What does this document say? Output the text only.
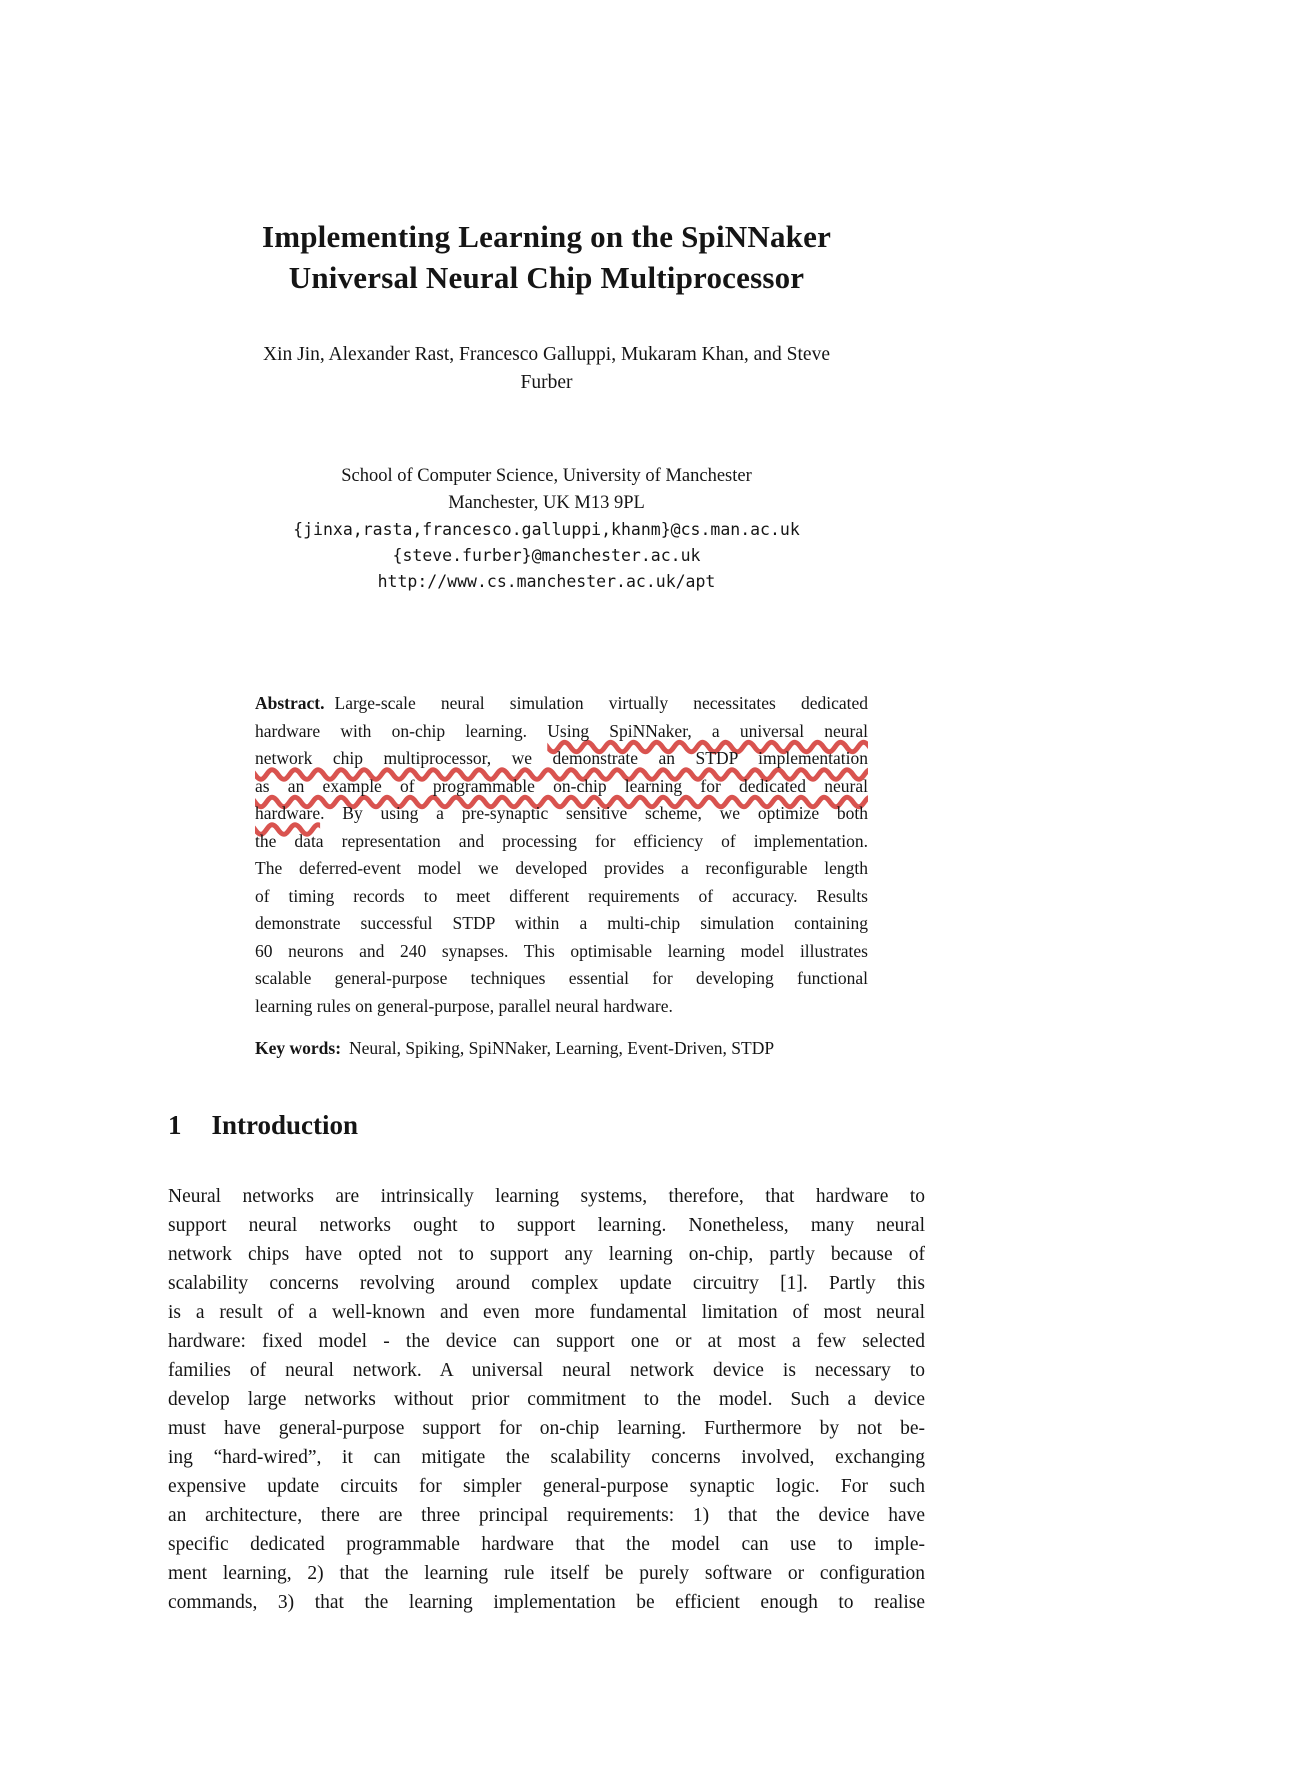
Implementing Learning on the SpiNNaker
Universal Neural Chip Multiprocessor
Xin Jin, Alexander Rast, Francesco Galluppi, Mukaram Khan, and Steve
Furber
School of Computer Science, University of Manchester
Manchester, UK M13 9PL
{jinxa,rasta,francesco.galluppi,khanm}@cs.man.ac.uk
{steve.furber}@manchester.ac.uk
http://www.cs.manchester.ac.uk/apt
Abstract. Large-scale neural simulation virtually necessitates dedicated
hardware with on-chip learning. Using SpiNNaker, a universal neural
network chip multiprocessor, we demonstrate an STDP implementation
as an example of programmable on-chip learning for dedicated neural
hardware. By using a pre-synaptic sensitive scheme, we optimize both
the data representation and processing for efficiency of implementation.
The deferred-event model we developed provides a reconfigurable length
of timing records to meet different requirements of accuracy. Results
demonstrate successful STDP within a multi-chip simulation containing
60 neurons and 240 synapses. This optimisable learning model illustrates
scalable general-purpose techniques essential for developing functional
learning rules on general-purpose, parallel neural hardware.
Key words: Neural, Spiking, SpiNNaker, Learning, Event-Driven, STDP
1 Introduction
Neural networks are intrinsically learning systems, therefore, that hardware to
support neural networks ought to support learning. Nonetheless, many neural
network chips have opted not to support any learning on-chip, partly because of
scalability concerns revolving around complex update circuitry [1]. Partly this
is a result of a well-known and even more fundamental limitation of most neural
hardware: fixed model - the device can support one or at most a few selected
families of neural network. A universal neural network device is necessary to
develop large networks without prior commitment to the model. Such a device
must have general-purpose support for on-chip learning. Furthermore by not be-
ing “hard-wired”, it can mitigate the scalability concerns involved, exchanging
expensive update circuits for simpler general-purpose synaptic logic. For such
an architecture, there are three principal requirements: 1) that the device have
specific dedicated programmable hardware that the model can use to imple-
ment learning, 2) that the learning rule itself be purely software or configuration
commands, 3) that the learning implementation be efficient enough to realise
